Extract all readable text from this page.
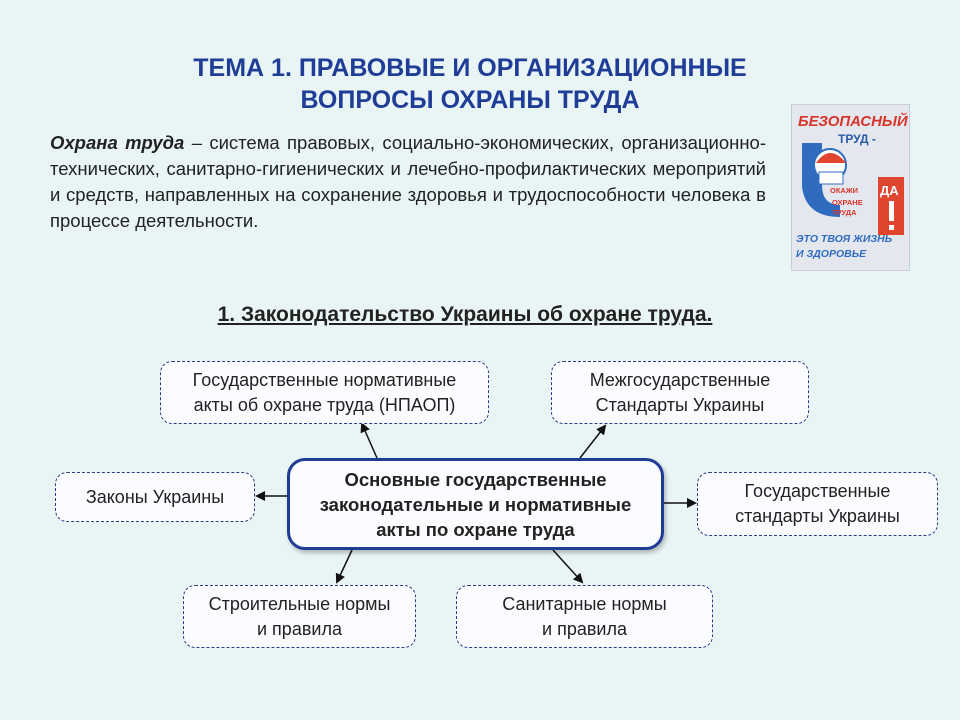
ТЕМА 1. ПРАВОВЫЕ И ОРГАНИЗАЦИОННЫЕ
ВОПРОСЫ ОХРАНЫ ТРУДА
Охрана труда – система правовых, социально-экономических, организационно-технических, санитарно-гигиенических и лечебно-профилактических мероприятий и средств, направленных на сохранение здоровья и трудоспособности человека в процессе деятельности.
БЕЗОПАСНЫЙ
ТРУД -
ОКАЖИ
ОХРАНЕ
ТРУДА
ДА
ЭТО ТВОЯ ЖИЗНЬ
И ЗДОРОВЬЕ
1. Законодательство Украины об охране труда.
Государственные нормативные
акты об охране труда (НПАОП)
Межгосударственные
Стандарты Украины
Законы Украины	Государственные
стандарты Украины
Строительные нормы
и правила
Санитарные нормы
и правила
Основные государственные
законодательные и нормативные
акты по охране труда
